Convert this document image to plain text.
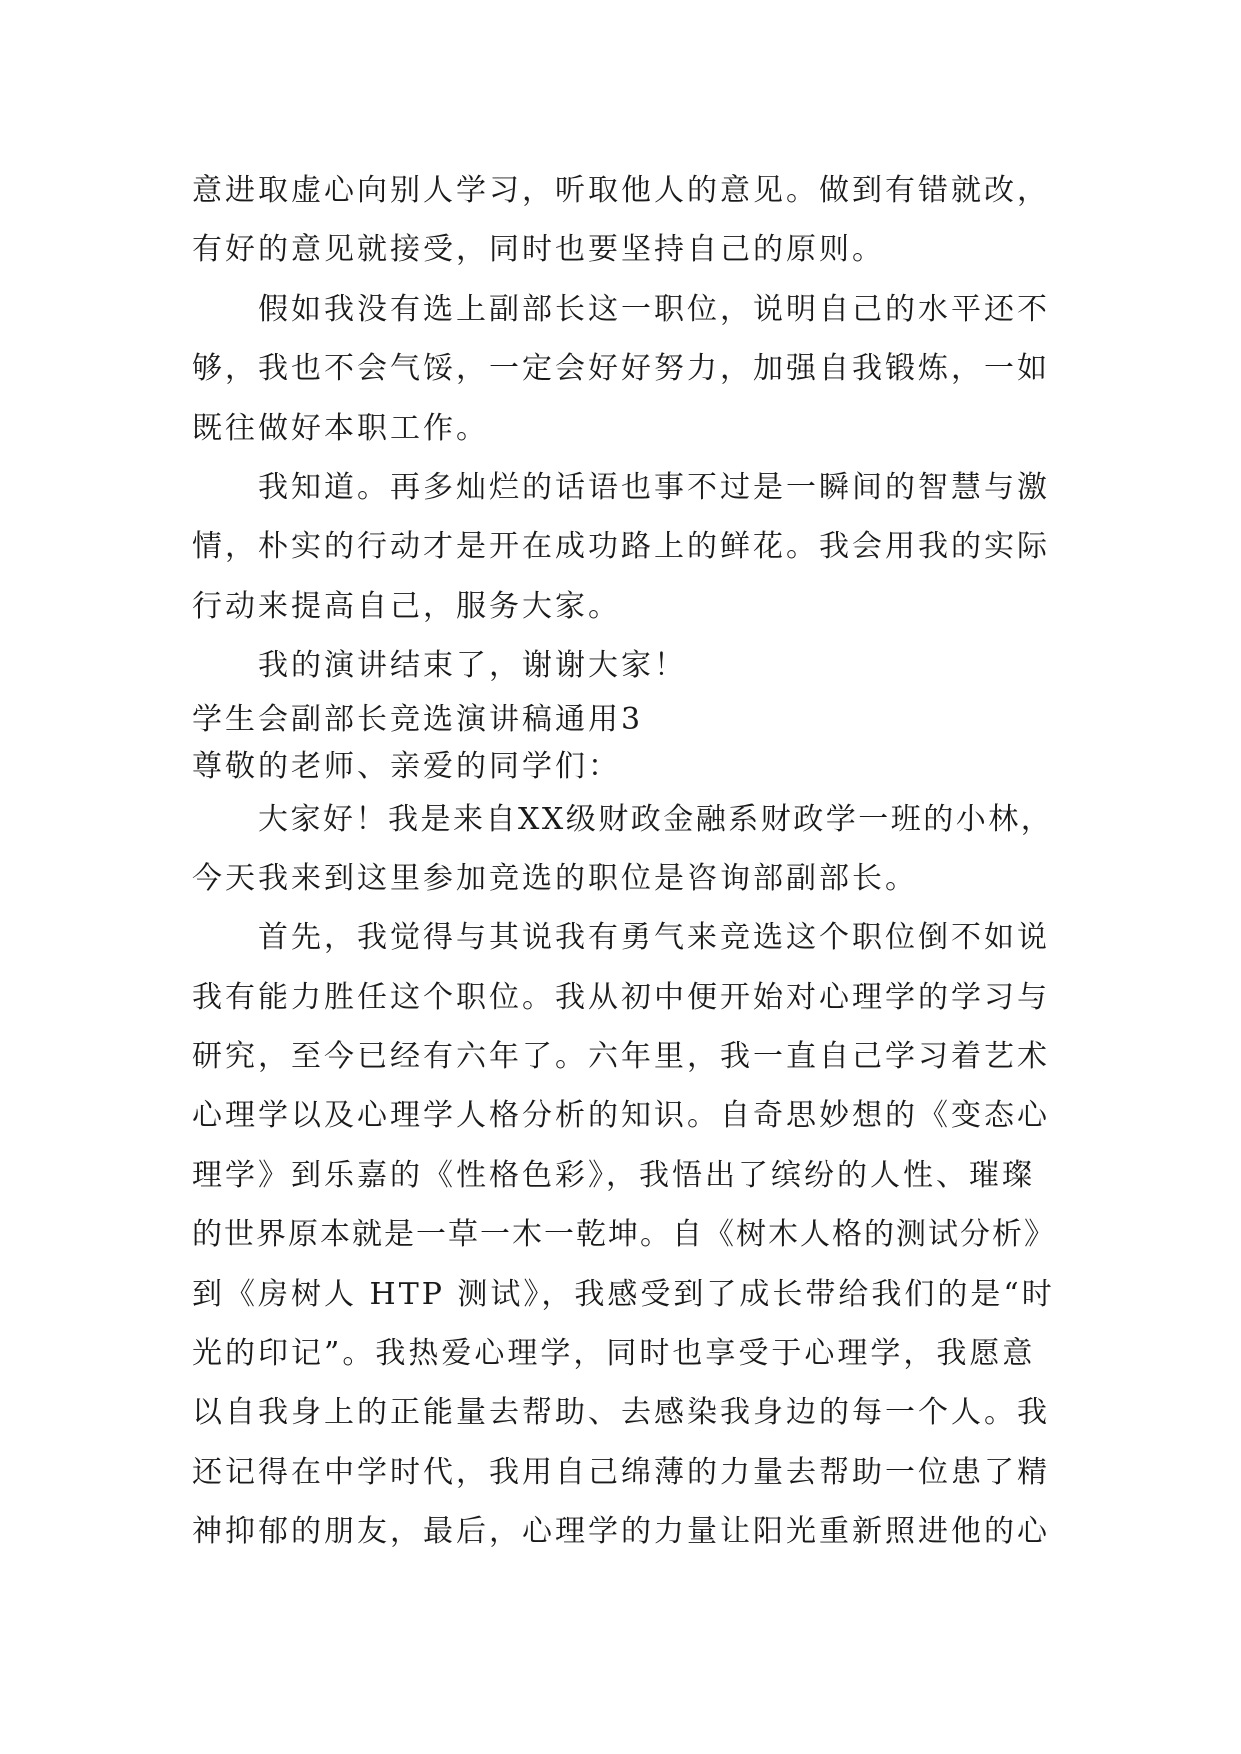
意进取虚心向别人学习，听取他人的意见。做到有错就改，
有好的意见就接受，同时也要坚持自己的原则。
假如我没有选上副部长这一职位，说明自己的水平还不
够，我也不会气馁，一定会好好努力，加强自我锻炼，一如
既往做好本职工作。
我知道。再多灿烂的话语也事不过是一瞬间的智慧与激
情，朴实的行动才是开在成功路上的鲜花。我会用我的实际
行动来提高自己，服务大家。
我的演讲结束了，谢谢大家！
学生会副部长竞选演讲稿通用3
尊敬的老师、亲爱的同学们：
大家好！我是来自XX级财政金融系财政学一班的小林，
今天我来到这里参加竞选的职位是咨询部副部长。
首先，我觉得与其说我有勇气来竞选这个职位倒不如说
我有能力胜任这个职位。我从初中便开始对心理学的学习与
研究，至今已经有六年了。六年里，我一直自己学习着艺术
心理学以及心理学人格分析的知识。自奇思妙想的《变态心
理学》到乐嘉的《性格色彩》，我悟出了缤纷的人性、璀璨
的世界原本就是一草一木一乾坤。自《树木人格的测试分析》
到《房树人 HTP 测试》，我感受到了成长带给我们的是“时
光的印记”。我热爱心理学，同时也享受于心理学，我愿意
以自我身上的正能量去帮助、去感染我身边的每一个人。我
还记得在中学时代，我用自己绵薄的力量去帮助一位患了精
神抑郁的朋友，最后，心理学的力量让阳光重新照进他的心
